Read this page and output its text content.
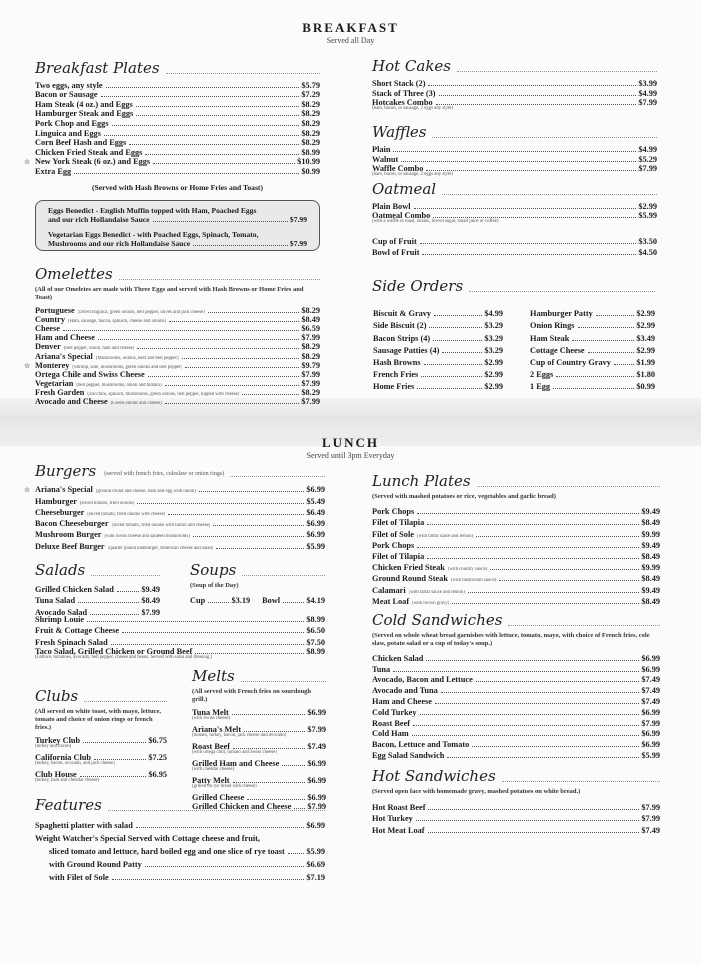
BREAKFAST
Served all Day
LUNCH
Served until 3pm Everyday
Breakfast Plates
Two eggs, any style	$5.79
Bacon or Sausage	$7.29
Ham Steak (4 oz.) and Eggs	$8.29
Hamburger Steak and Eggs	$8.29
Pork Chop and Eggs	$8.29
Linguica and Eggs	$8.29
Corn Beef Hash and Eggs	$8.29
Chicken Fried Steak and Eggs	$8.99
☆ New York Steak (6 oz.) and Eggs	$10.99
Extra Egg	$0.99
(Served with Hash Browns or Home Fries and Toast)
Omelettes
(All of our Omeletes are made with Three Eggs and served with Hash Browns or Home Fries and Toast)
Portuguese (Diced linguica, green onions, bell pepper, olives and jack cheese)	$8.29
Country (Ham, sausage, bacon, spinach, cheese and onions)	$8.49
Cheese	$6.59
Ham and Cheese	$7.99
Denver (bell pepper, onion, ham and cheese)	$8.29
Ariana's Special (Mushrooms, onions, beef and bell pepper)	$8.29
☆ Monterey (Shrimp, sole, mushrooms, green onions and bell pepper)	$9.79
Ortega Chile and Swiss Cheese	$7.99
Vegetarian (bell pepper, mushrooms, onion and tomato)	$7.99
Fresh Garden (Zucchini, spinach, mushrooms, green onions, bell pepper, topped with cheese)	$8.29
Avocado and Cheese (Green onions and cheese)	$7.99
Hot Cakes
Short Stack (2)	$3.99
Stack of Three (3)	$4.99
Hotcakes Combo	$7.99
(ham, bacon, or sausage, 2 eggs any style)
Waffles
Plain	$4.99
Walnut	$5.29
Waffle Combo	$7.99
(ham, bacon, or sausage, 2 eggs any style)
Oatmeal
Plain Bowl	$2.99
Oatmeal Combo	$5.99
(with a waffle or toast, raisins, brown sugar, small juice or coffee)
Cup of Fruit	$3.50
Bowl of Fruit	$4.50
Side Orders
Biscuit & Gravy	$4.99
Side Biscuit (2)	$3.29
Bacon Strips (4)	$3.29
Sausage Patties (4)	$3.29
Hash Browns	$2.99
French Fries	$2.99
Home Fries	$2.99
Hamburger Patty	$2.99
Onion Rings	$2.99
Ham Steak	$3.49
Cottage Cheese	$2.99
Cup of Country Gravy	$1.99
2 Eggs	$1.80
1 Egg	$0.99
Burgers (served with french fries, coleslaw or onion rings)
☆ Ariana's Special (ground round and cheese, ham and egg with onion)	$6.99
Hamburger (sliced tomato, fried onions)	$5.49
Cheeseburger (sliced tomato, fried onions with cheese)	$6.49
Bacon Cheeseburger (sliced tomato, fried onions with bacon and cheese)	$6.99
Mushroom Burger (with Swiss cheese and sauteed mushrooms)	$6.99
Deluxe Beef Burger (quarter pound hamburger, American cheese and salad)	$5.99
Salads
Grilled Chicken Salad	$9.49
Tuna Salad	$8.49
Avocado Salad	$7.99
Soups
(Soup of the Day)
Cup	$3.19 Bowl	$4.19
Shrimp Louie	$8.99
Fruit & Cottage Cheese	$6.50
Fresh Spinach Salad	$7.50
Taco Salad, Grilled Chicken or Ground Beef	$8.99
(Lettuce, tomatoes, avocado, bell pepper, cheese and beans. Served with salsa and dressing.)
Clubs
(All served on white toast, with mayo, lettuce, tomato and choice of onion rings or french fries.)
Turkey Club	$6.75
(turkey and bacon)
California Club	$7.25
(turkey, bacon, avocado, and jack cheese)
Club House	$6.95
(turkey, ham and cheddar cheese)
Melts
(All served with French fries on sourdough grill.)
Tuna Melt	$6.99
(with Swiss cheese)
Ariana's Melt	$7.99
(tomato, turkey, bacon, jack cheese and avocado)
Roast Beef	$7.49
(with ortega chili, tomato and Swiss cheese)
Grilled Ham and Cheese	$6.99
(with cheddar cheese)
Patty Melt	$6.99
(grilled on rye bread with cheese)
Grilled Cheese	$6.99
Grilled Chicken and Cheese $7.99
Features
Spaghetti platter with salad	$6.99
Weight Watcher's Special Served with Cottage cheese and fruit,
sliced tomato and lettuce, hard boiled egg and one slice of rye toast	$5.99
with Ground Round Patty	$6.69
with Filet of Sole	$7.19
Lunch Plates
(Served with mashed potatoes or rice, vegetables and garlic bread)
Pork Chops	$9.49
Filet of Tilapia	$8.49
Filet of Sole (with tartar sauce and lemon)	$9.99
Pork Chops	$9.49
Filet of Tilapia	$8.49
Chicken Fried Steak (with country sauce)	$9.99
Ground Round Steak (with mushroom sauce)	$8.49
Calamari (with tartar sauce and lemon)	$9.49
Meat Loaf (with brown gravy)	$8.49
Cold Sandwiches
(Served on whole wheat bread garnishes with lettuce, tomato, mayo, with choice of French fries, cole slaw, potato salad or a cup of today's soup.)
Chicken Salad	$6.99
Tuna	$6.99
Avocado, Bacon and Lettuce	$7.49
Avocado and Tuna	$7.49
Ham and Cheese	$7.49
Cold Turkey	$6.99
Roast Beef	$7.99
Cold Ham	$6.99
Bacon, Lettuce and Tomato	$6.99
Egg Salad Sandwich	$5.99
Hot Sandwiches
(Served open face with homemade gravy, mashed potatoes on white bread.)
Hot Roast Beef	$7.99
Hot Turkey	$7.99
Hot Meat Loaf	$7.49
Eggs Benedict - English Muffin topped with Ham, Poached Eggs
and our rich Hollandaise Sauce	$7.99
Vegetarian Eggs Benedict - with Poached Eggs, Spinach, Tomato,
Mushrooms and our rich Hollandaise Sauce	$7.99
